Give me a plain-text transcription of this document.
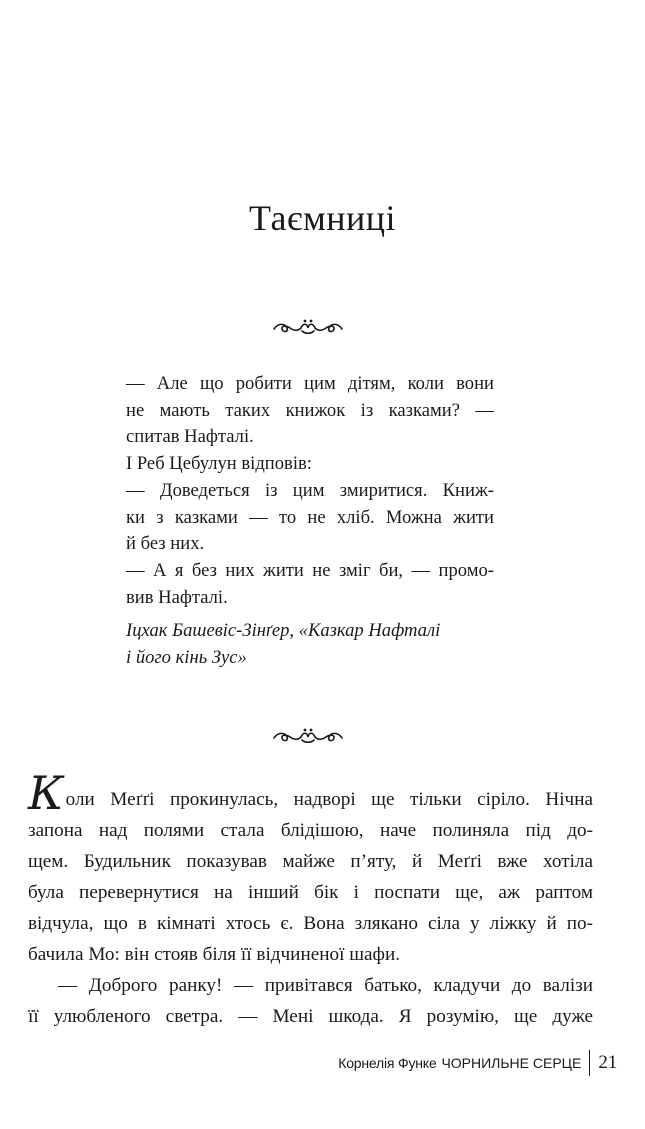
Таємниці
— Але що робити цим дітям, коли вони
не мають таких книжок із казками? —
спитав Нафталі.
І Реб Цебулун відповів:
— Доведеться із цим змиритися. Книж-
ки з казками — то не хліб. Можна жити
й без них.
— А я без них жити не зміг би, — промо-
вив Нафталі.
Іцхак Башевіс-Зінґер, «Казкар Нафталі
і його кінь Зус»
Коли Меґґі прокинулась, надворі ще тільки сіріло. Нічна
запона над полями стала блідішою, наче полиняла під до-
щем. Будильник показував майже п’яту, й Меґґі вже хотіла
була перевернутися на інший бік і поспати ще, аж раптом
відчула, що в кімнаті хтось є. Вона злякано сіла у ліжку й по-
бачила Мо: він стояв біля її відчиненої шафи.
— Доброго ранку! — привітався батько, кладучи до валізи
її улюбленого светра. — Мені шкода. Я розумію, ще дуже
Корнелія Функе ЧОРНИЛЬНЕ СЕРЦЕ 21
